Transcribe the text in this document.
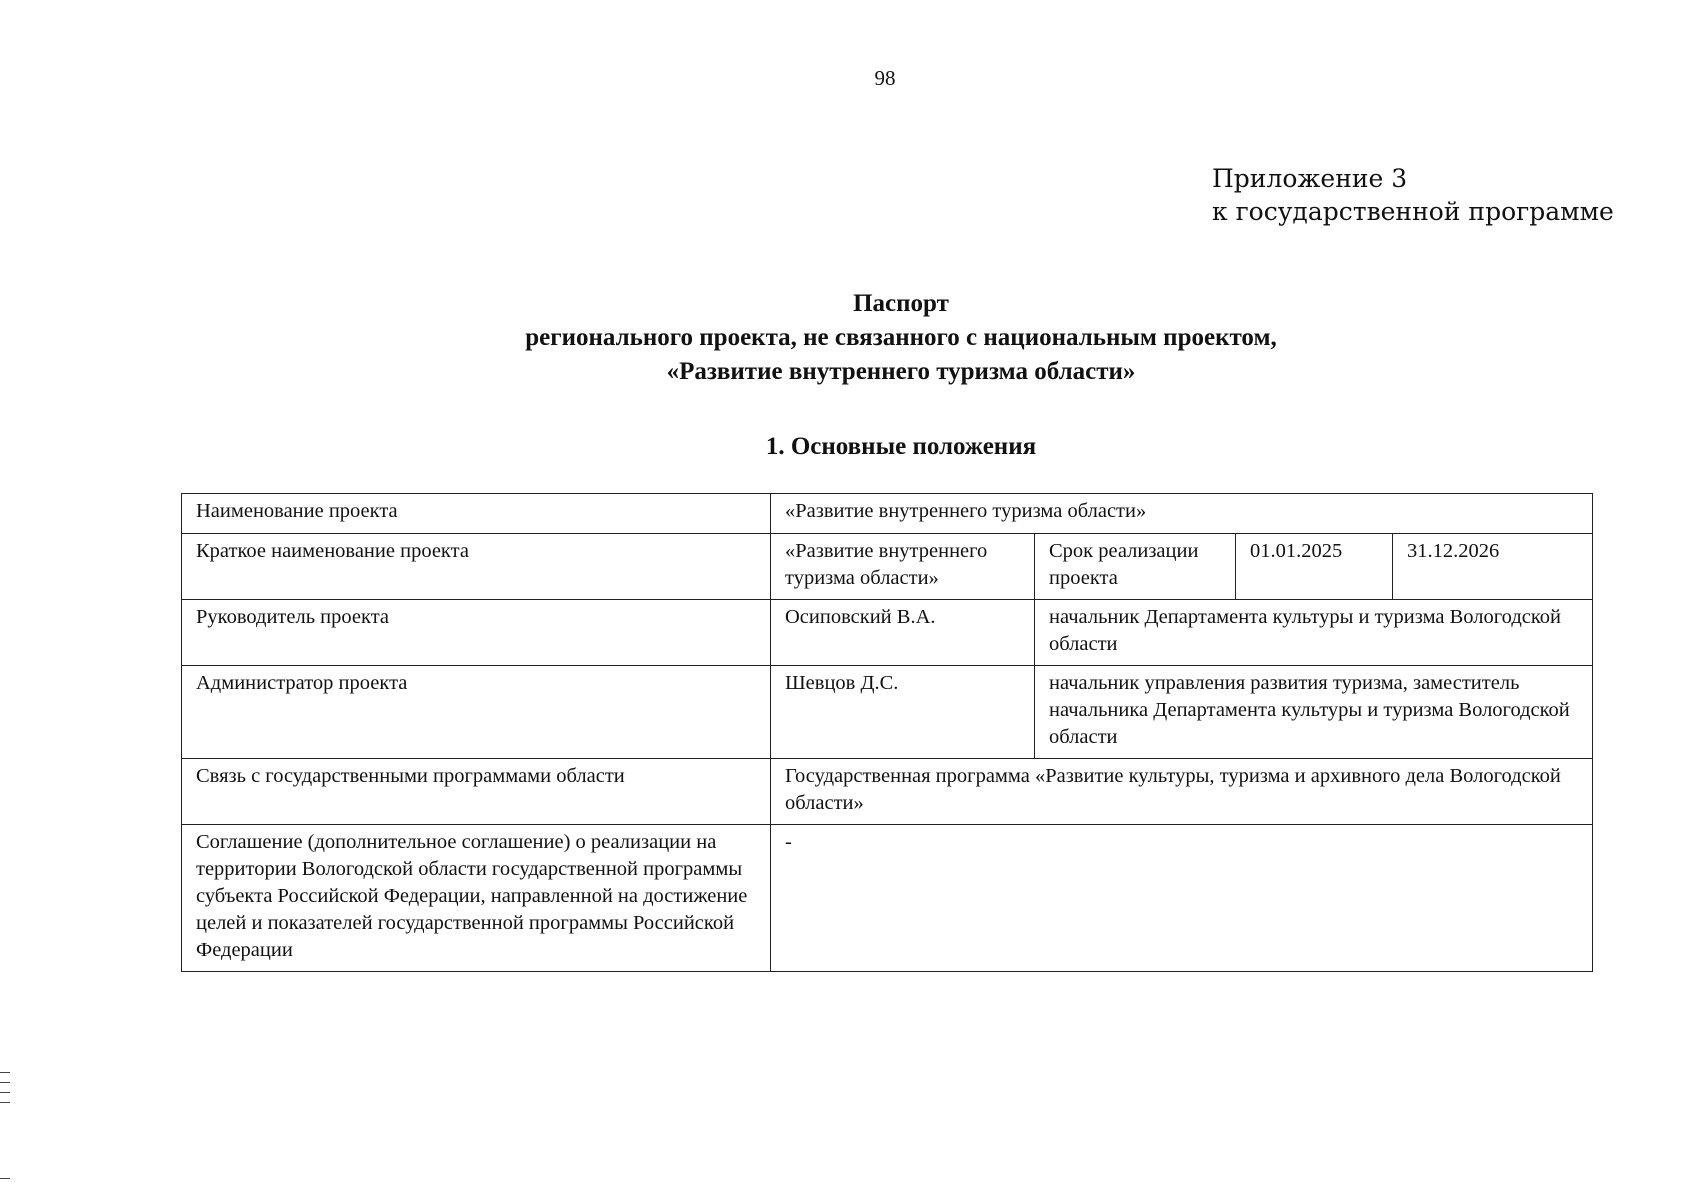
98
Приложение 3
к государственной программе
Паспорт
регионального проекта, не связанного с национальным проектом,
«Развитие внутреннего туризма области»
1. Основные положения
Наименование проекта	«Развитие внутреннего туризма области»			
Краткое наименование проекта	«Развитие внутреннего туризма области»	Срок реализации проекта	01.01.2025	31.12.2026
Руководитель проекта	Осиповский В.А.	начальник Департамента культуры и туризма Вологодской области		
Администратор проекта	Шевцов Д.С.	начальник управления развития туризма, заместитель начальника Департамента культуры и туризма Вологодской области		
Связь с государственными программами области	Государственная программа «Развитие культуры, туризма и архивного дела Вологодской области»			
Соглашение (дополнительное соглашение) о реализации на территории Вологодской области государственной программы субъекта Российской Федерации, направленной на достижение целей и показателей государственной программы Российской Федерации	-			
